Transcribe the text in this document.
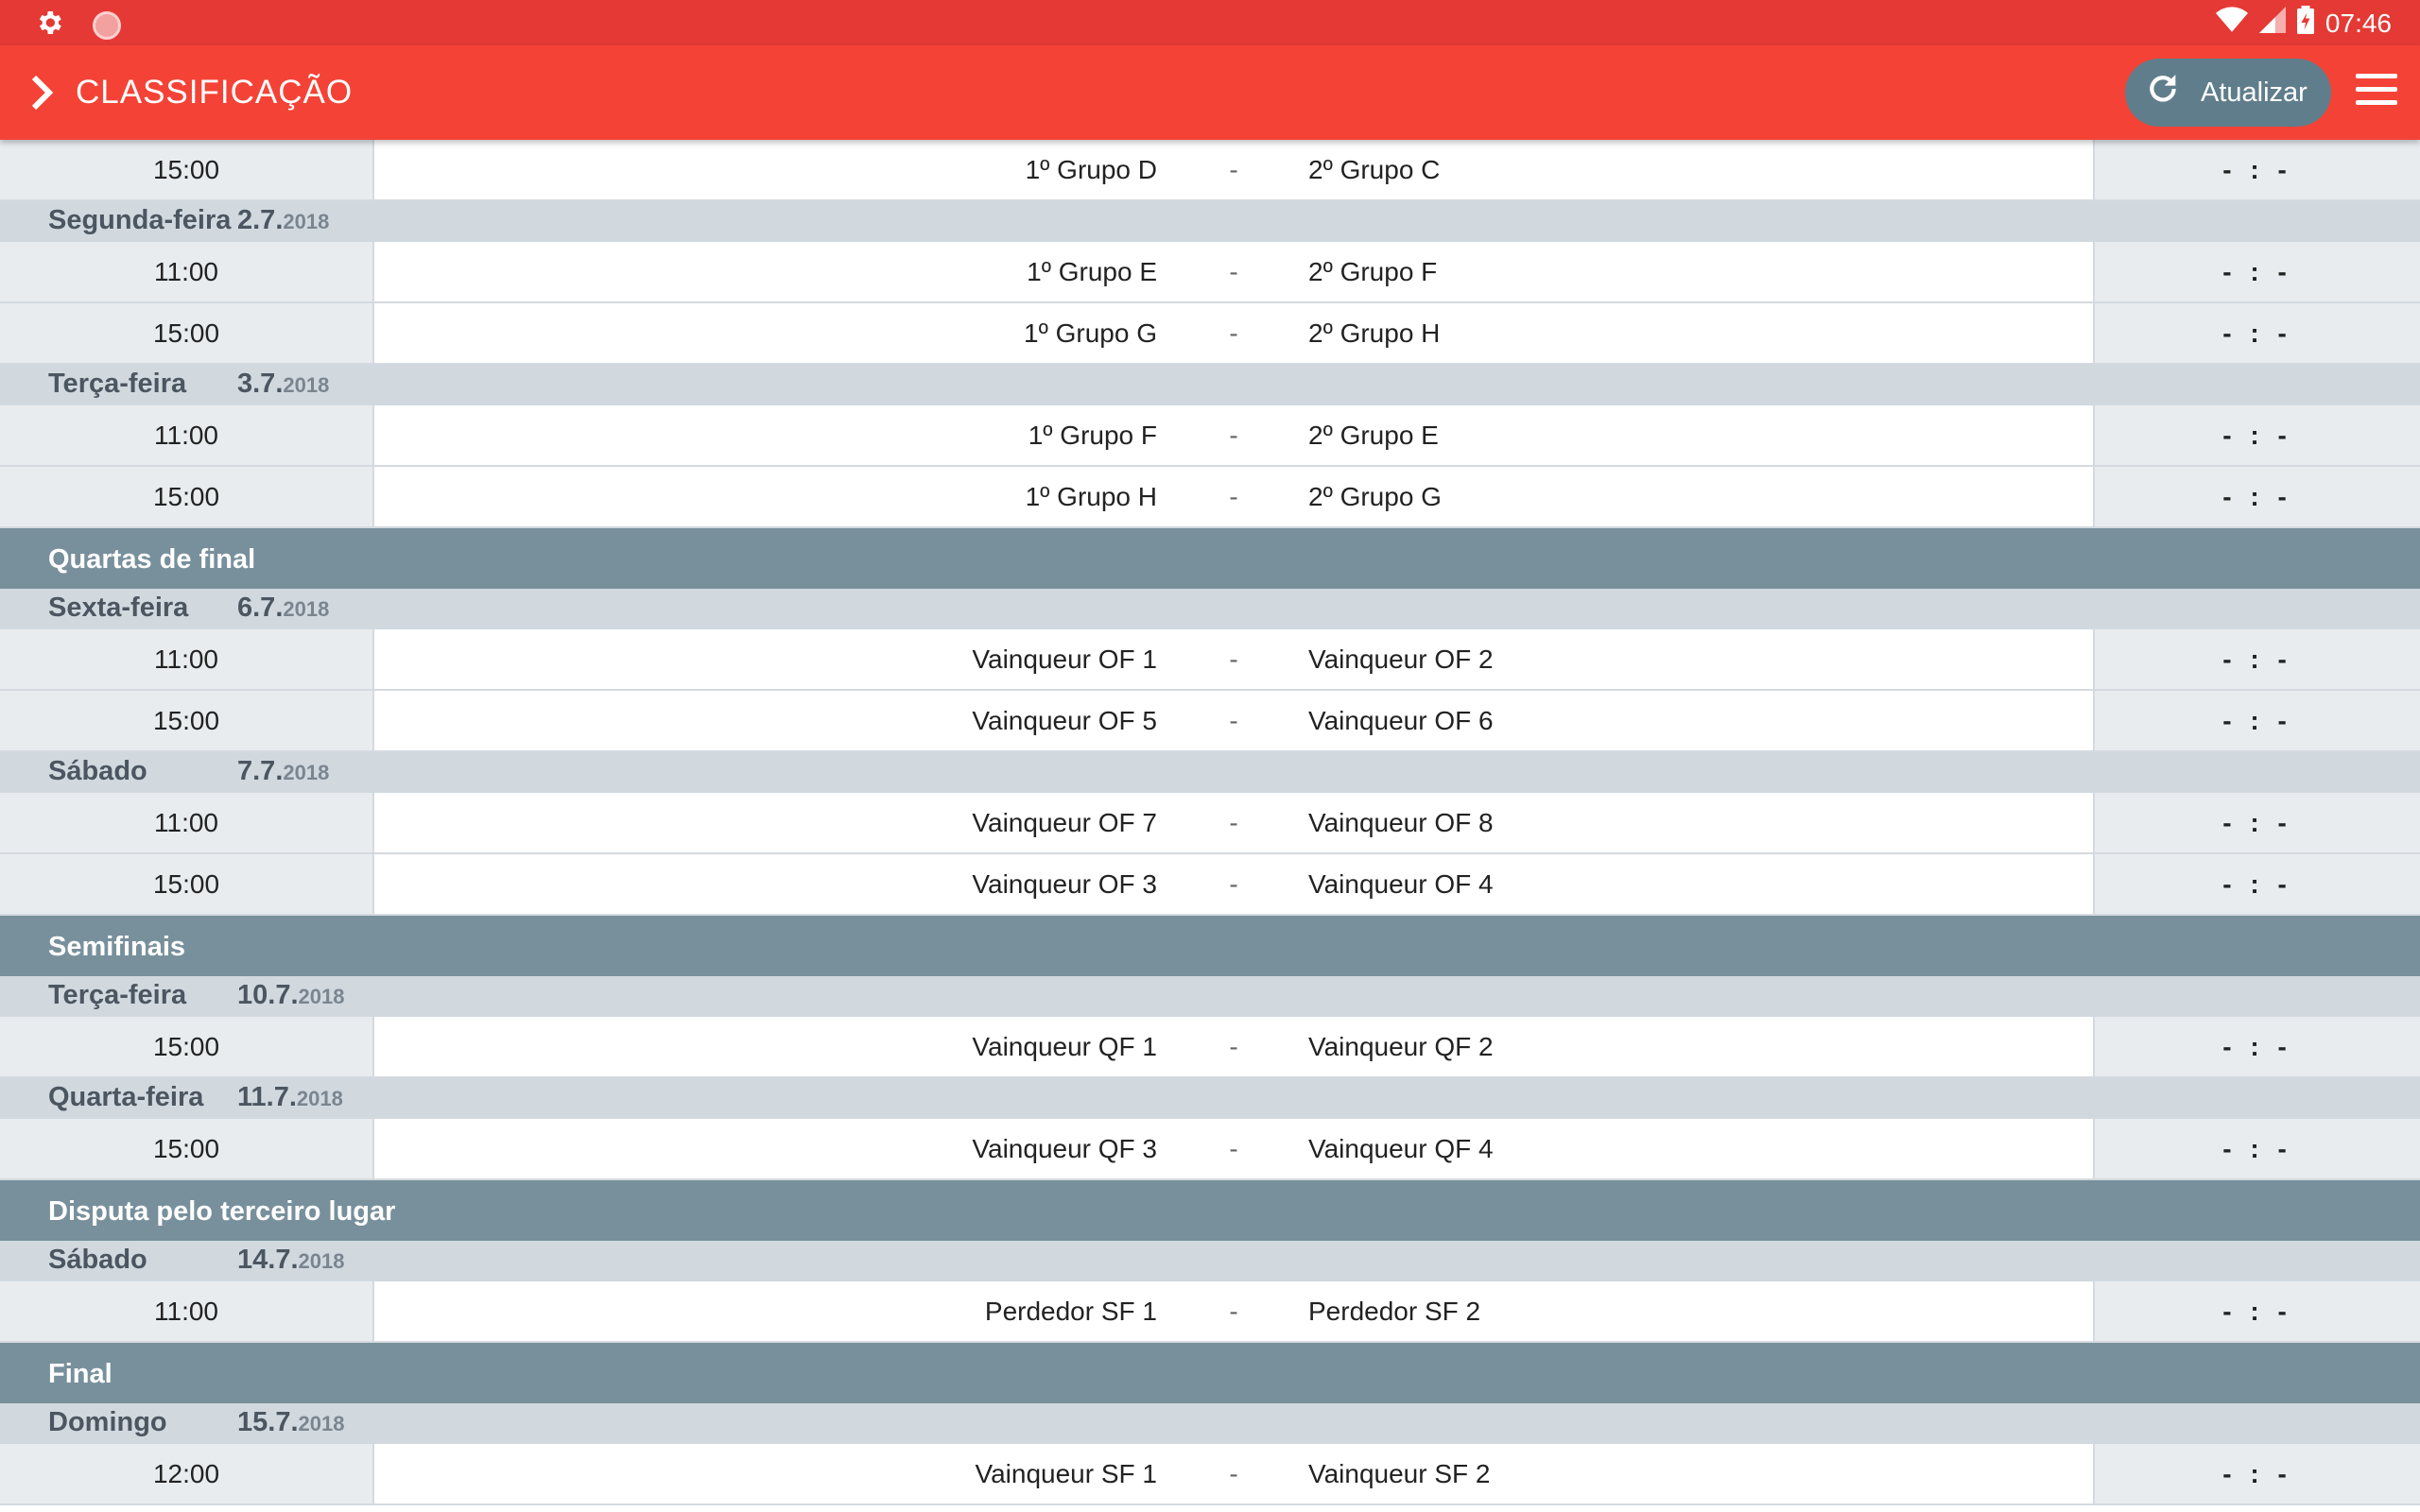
07:46
CLASSIFICAÇÃO	Atualizar
15:00	1º Grupo D	-	2º Grupo C	- : -
Segunda-feira 2.7.2018
11:00	1º Grupo E	-	2º Grupo F	- : -
15:00	1º Grupo G	-	2º Grupo H	- : -
Terça-feira 3.7.2018
11:00	1º Grupo F	-	2º Grupo E	- : -
15:00	1º Grupo H	-	2º Grupo G	- : -
Quartas de final
Sexta-feira 6.7.2018
11:00	Vainqueur OF 1	-	Vainqueur OF 2	- : -
15:00	Vainqueur OF 5	-	Vainqueur OF 6	- : -
Sábado	7.7.2018
11:00	Vainqueur OF 7	-	Vainqueur OF 8	- : -
15:00	Vainqueur OF 3	-	Vainqueur OF 4	- : -
Semifinais
Terça-feira 10.7.2018
15:00	Vainqueur QF 1	-	Vainqueur QF 2	- : -
Quarta-feira 11.7.2018
15:00	Vainqueur QF 3	-	Vainqueur QF 4	- : -
Disputa pelo terceiro lugar
Sábado	14.7.2018
11:00	Perdedor SF 1	-	Perdedor SF 2	- : -
Final
Domingo	15.7.2018
12:00	Vainqueur SF 1	-	Vainqueur SF 2	- : -
